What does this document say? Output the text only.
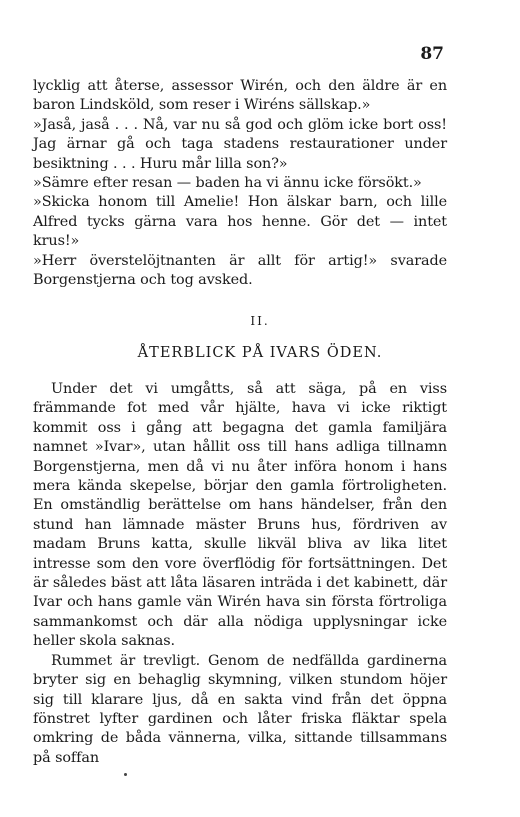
87

lycklig att återse, assessor Wirén, och den äldre är en baron Lindsköld, som reser i Wiréns sällskap.»

»Jaså, jaså . . . Nå, var nu så god och glöm icke bort oss! Jag ärnar gå och taga stadens restaurationer under besiktning . . . Huru mår lilla son?»

»Sämre efter resan — baden ha vi ännu icke försökt.»

»Skicka honom till Amelie! Hon älskar barn, och lille Alfred tycks gärna vara hos henne. Gör det — intet krus!»

»Herr överstelöjtnanten är allt för artig!» svarade Borgenstjerna och tog avsked.

II.
ÅTERBLICK PÅ IVARS ÖDEN.

Under det vi umgåtts, så att säga, på en viss främmande fot med vår hjälte, hava vi icke riktigt kommit oss i gång att begagna det gamla familjära namnet »Ivar», utan hållit oss till hans adliga tillnamn Borgenstjerna, men då vi nu åter införa honom i hans mera kända skepelse, börjar den gamla förtroligheten. En omständlig berättelse om hans händelser, från den stund han lämnade mäster Bruns hus, fördriven av madam Bruns katta, skulle likväl bliva av lika litet intresse som den vore överflödig för fortsättningen. Det är således bäst att låta läsaren inträda i det kabinett, där Ivar och hans gamle vän Wirén hava sin första förtroliga sammankomst och där alla nödiga upplysningar icke heller skola saknas.

Rummet är trevligt. Genom de nedfällda gardinerna bryter sig en behaglig skymning, vilken stundom höjer sig till klarare ljus, då en sakta vind från det öppna fönstret lyfter gardinen och låter friska fläktar spela omkring de båda vännerna, vilka, sittande tillsammans på soffan
